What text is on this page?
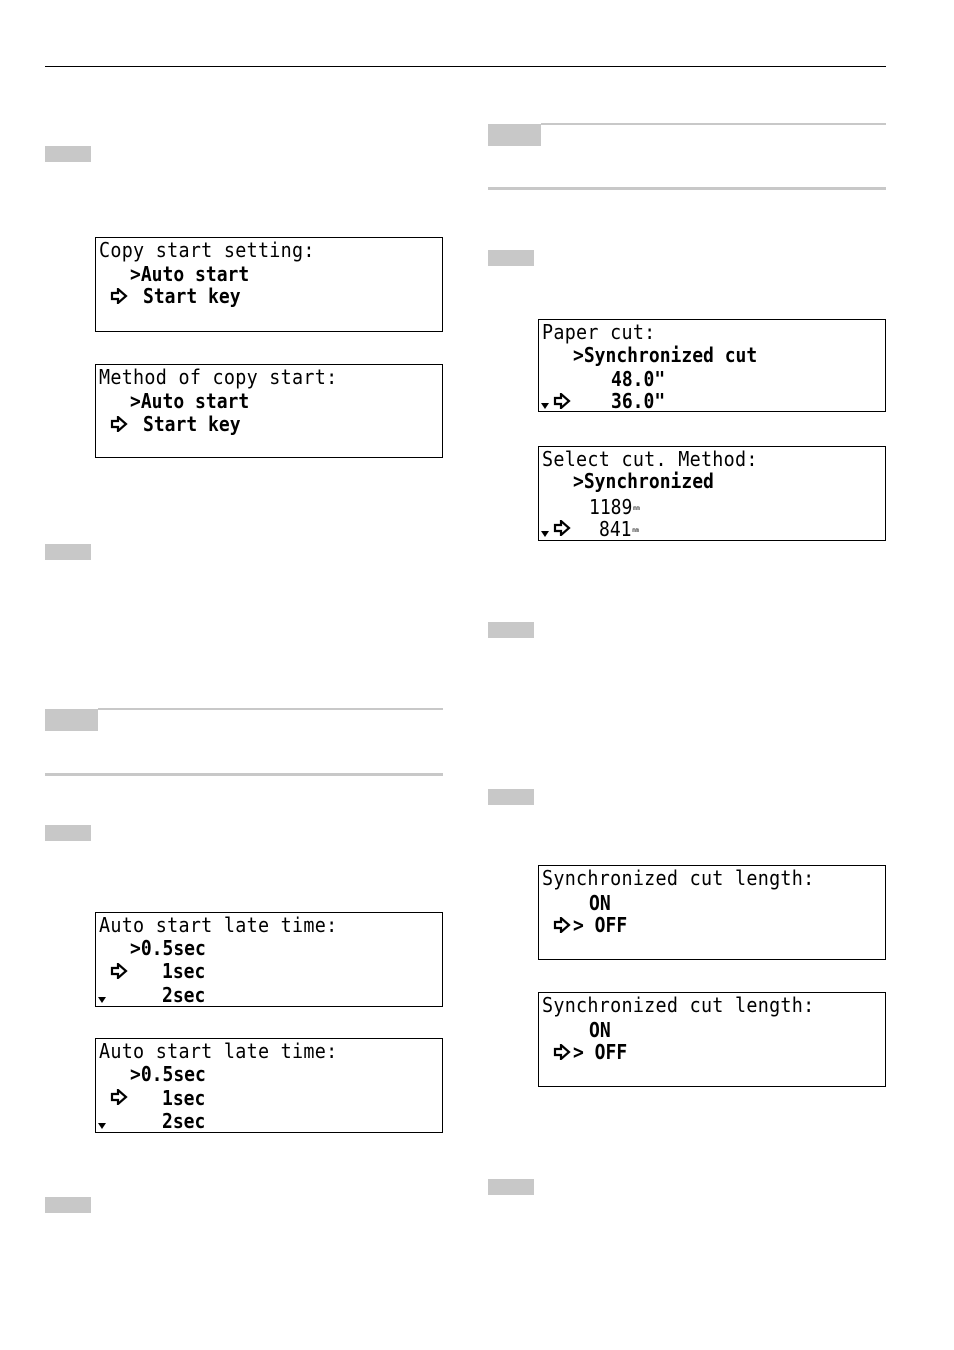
Copy start setting:
>Auto start
Start key
Method of copy start:
>Auto start
Start key
Auto start late time:
>0.5sec
1sec
2sec
Auto start late time:
>0.5sec
1sec
2sec
Paper cut:
>Synchronized cut
48.0"
36.0"
Select cut. Method:
>Synchronized
1189mm
841mm
Synchronized cut length:
ON
> OFF
Synchronized cut length:
ON
> OFF
